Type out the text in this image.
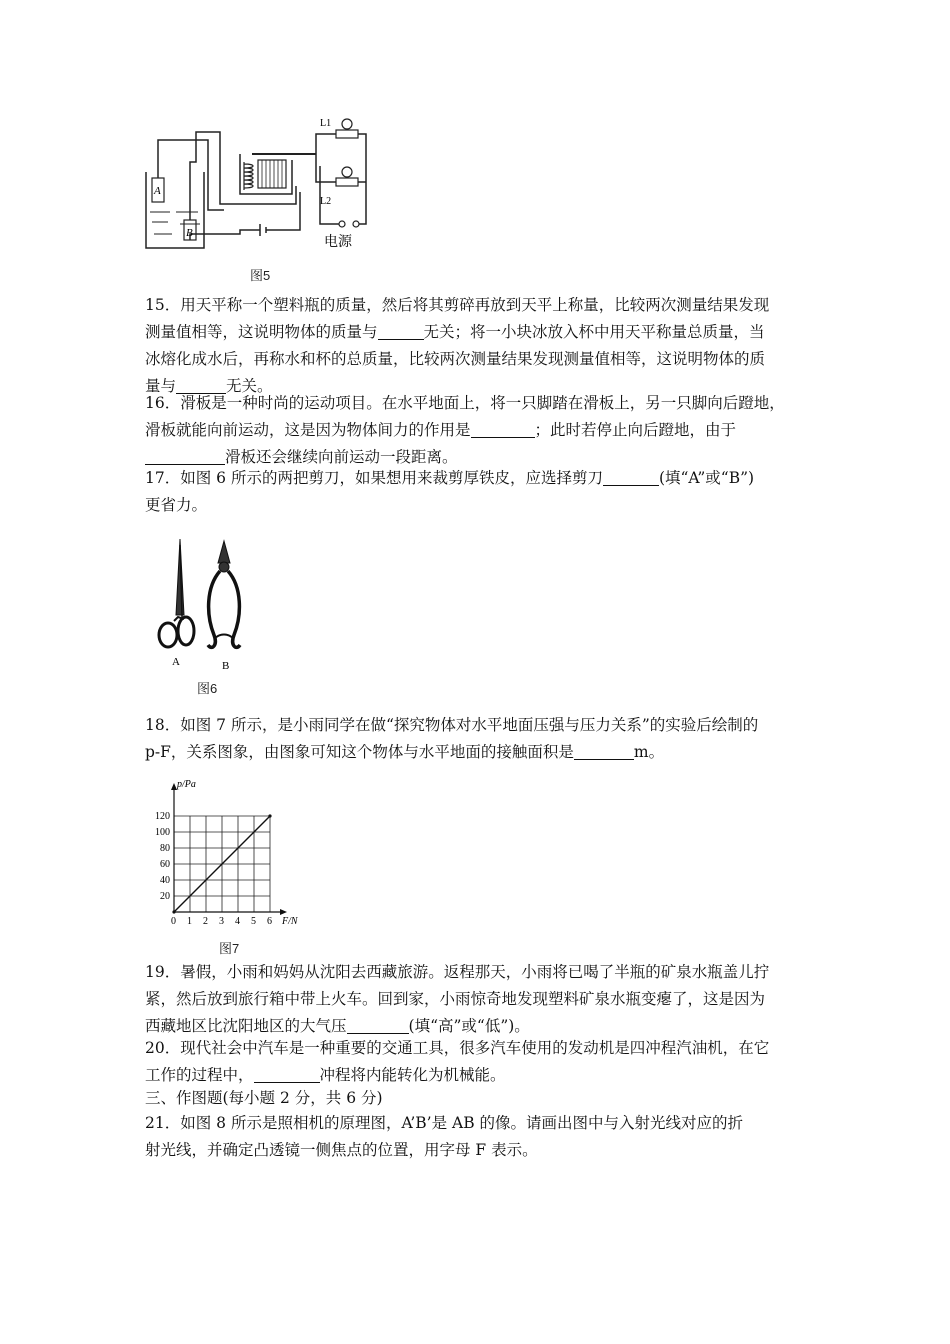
A
B
L1
L2
电源
图5
15．用天平称一个塑料瓶的质量，然后将其剪碎再放到天平上称量，比较两次测量结果发现
测量值相等，这说明物体的质量与	无关；将一小块冰放入杯中用天平称量总质量，当
冰熔化成水后，再称水和杯的总质量，比较两次测量结果发现测量值相等，这说明物体的质
量与	无关。
16．滑板是一种时尚的运动项目。在水平地面上，将一只脚踏在滑板上，另一只脚向后蹬地，
滑板就能向前运动，这是因为物体间力的作用是	；此时若停止向后蹬地，由于
滑板还会继续向前运动一段距离。
17．如图 6 所示的两把剪刀，如果想用来裁剪厚铁皮，应选择剪刀	(填“A”或“B”)
更省力。
A	B
图6
18．如图 7 所示，是小雨同学在做“探究物体对水平地面压强与压力关系”的实验后绘制的
p-F，关系图象，由图象可知这个物体与水平地面的接触面积是	m。
0 1 2 3 4 5 6
20
40
60
80
100
120
p/Pa
F/N
图7
19．暑假，小雨和妈妈从沈阳去西藏旅游。返程那天，小雨将已喝了半瓶的矿泉水瓶盖儿拧
紧，然后放到旅行箱中带上火车。回到家，小雨惊奇地发现塑料矿泉水瓶变瘪了，这是因为
西藏地区比沈阳地区的大气压	(填“高”或“低”)。
20．现代社会中汽车是一种重要的交通工具，很多汽车使用的发动机是四冲程汽油机，在它
工作的过程中，	冲程将内能转化为机械能。
三、作图题(每小题 2 分，共 6 分)
21．如图 8 所示是照相机的原理图，A’B’是 AB 的像。请画出图中与入射光线对应的折
射光线，并确定凸透镜一侧焦点的位置，用字母 F 表示。
